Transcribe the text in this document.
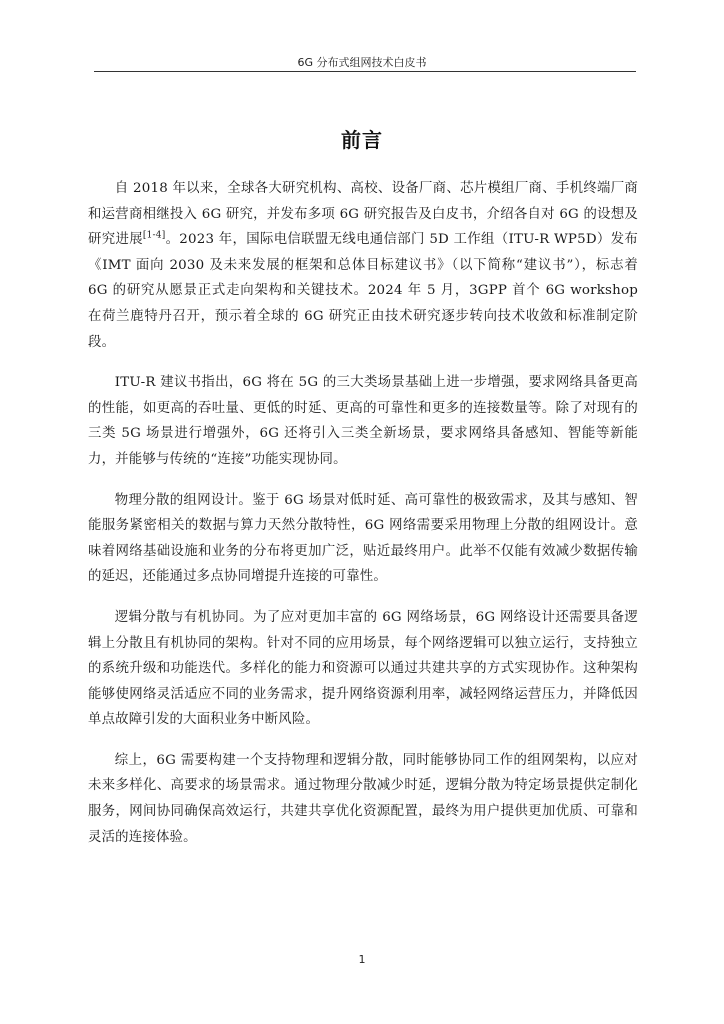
6G 分布式组网技术白皮书
前言

自 2018 年以来，全球各大研究机构、高校、设备厂商、芯片模组厂商、手机终端厂商和运营商相继投入 6G 研究，并发布多项 6G 研究报告及白皮书，介绍各自对 6G 的设想及研究进展[1-4]。2023 年，国际电信联盟无线电通信部门 5D 工作组（ITU-R WP5D）发布《IMT 面向 2030 及未来发展的框架和总体目标建议书》（以下简称“建议书”），标志着 6G 的研究从愿景正式走向架构和关键技术。2024 年 5 月，3GPP 首个 6G workshop 在荷兰鹿特丹召开，预示着全球的 6G 研究正由技术研究逐步转向技术收敛和标准制定阶段。

ITU-R 建议书指出，6G 将在 5G 的三大类场景基础上进一步增强，要求网络具备更高的性能，如更高的吞吐量、更低的时延、更高的可靠性和更多的连接数量等。除了对现有的三类 5G 场景进行增强外，6G 还将引入三类全新场景，要求网络具备感知、智能等新能力，并能够与传统的“连接”功能实现协同。

物理分散的组网设计。鉴于 6G 场景对低时延、高可靠性的极致需求，及其与感知、智能服务紧密相关的数据与算力天然分散特性，6G 网络需要采用物理上分散的组网设计。意味着网络基础设施和业务的分布将更加广泛，贴近最终用户。此举不仅能有效减少数据传输的延迟，还能通过多点协同增提升连接的可靠性。

逻辑分散与有机协同。为了应对更加丰富的 6G 网络场景，6G 网络设计还需要具备逻辑上分散且有机协同的架构。针对不同的应用场景，每个网络逻辑可以独立运行，支持独立的系统升级和功能迭代。多样化的能力和资源可以通过共建共享的方式实现协作。这种架构能够使网络灵活适应不同的业务需求，提升网络资源利用率，减轻网络运营压力，并降低因单点故障引发的大面积业务中断风险。

综上，6G 需要构建一个支持物理和逻辑分散，同时能够协同工作的组网架构，以应对未来多样化、高要求的场景需求。通过物理分散减少时延，逻辑分散为特定场景提供定制化服务，网间协同确保高效运行，共建共享优化资源配置，最终为用户提供更加优质、可靠和灵活的连接体验。

1
